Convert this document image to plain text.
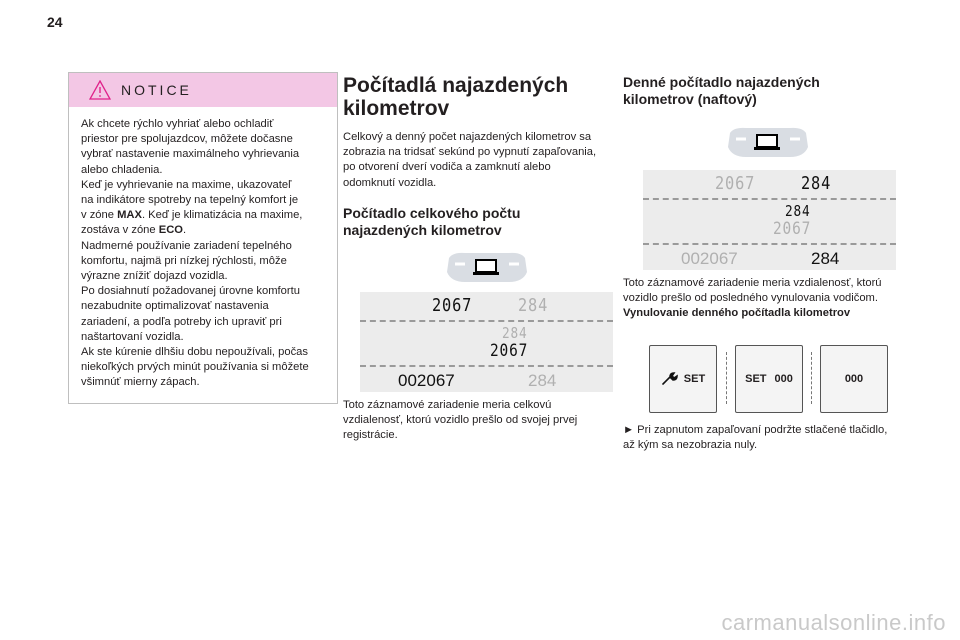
24
NOTICE
Ak chcete rýchlo vyhriať alebo ochladiť
priestor pre spolujazdcov, môžete dočasne
vybrať nastavenie maximálneho vyhrievania
alebo chladenia.
Keď je vyhrievanie na maxime, ukazovateľ
na indikátore spotreby na tepelný komfort je
v zóne MAX. Keď je klimatizácia na maxime,
zostáva v zóne ECO.
Nadmerné používanie zariadení tepelného
komfortu, najmä pri nízkej rýchlosti, môže
výrazne znížiť dojazd vozidla.
Po dosiahnutí požadovanej úrovne komfortu
nezabudnite optimalizovať nastavenia
zariadení, a podľa potreby ich upraviť pri
naštartovaní vozidla.
Ak ste kúrenie dlhšiu dobu nepoužívali, počas
niekoľkých prvých minút používania si môžete
všimnúť mierny zápach.
Počítadlá najazdených kilometrov

Celkový a denný počet najazdených kilometrov sa zobrazia na tridsať sekúnd po vypnutí zapaľovania, po otvorení dverí vodiča a zamknutí alebo odomknutí vozidla.

Počítadlo celkového počtu najazdených kilometrov
2067	284
284
2067
002067	284

Toto záznamové zariadenie meria celkovú vzdialenosť, ktorú vozidlo prešlo od svojej prvej registrácie.

Denné počítadlo najazdených kilometrov (naftový)
2067	284
284
2067
002067	284

Toto záznamové zariadenie meria vzdialenosť, ktorú vozidlo prešlo od posledného vynulovania vodičom.

Vynulovanie denného počítadla kilometrov

SET	SET 000	000

► Pri zapnutom zapaľovaní podržte stlačené tlačidlo, až kým sa nezobrazia nuly.

carmanualsonline.info
